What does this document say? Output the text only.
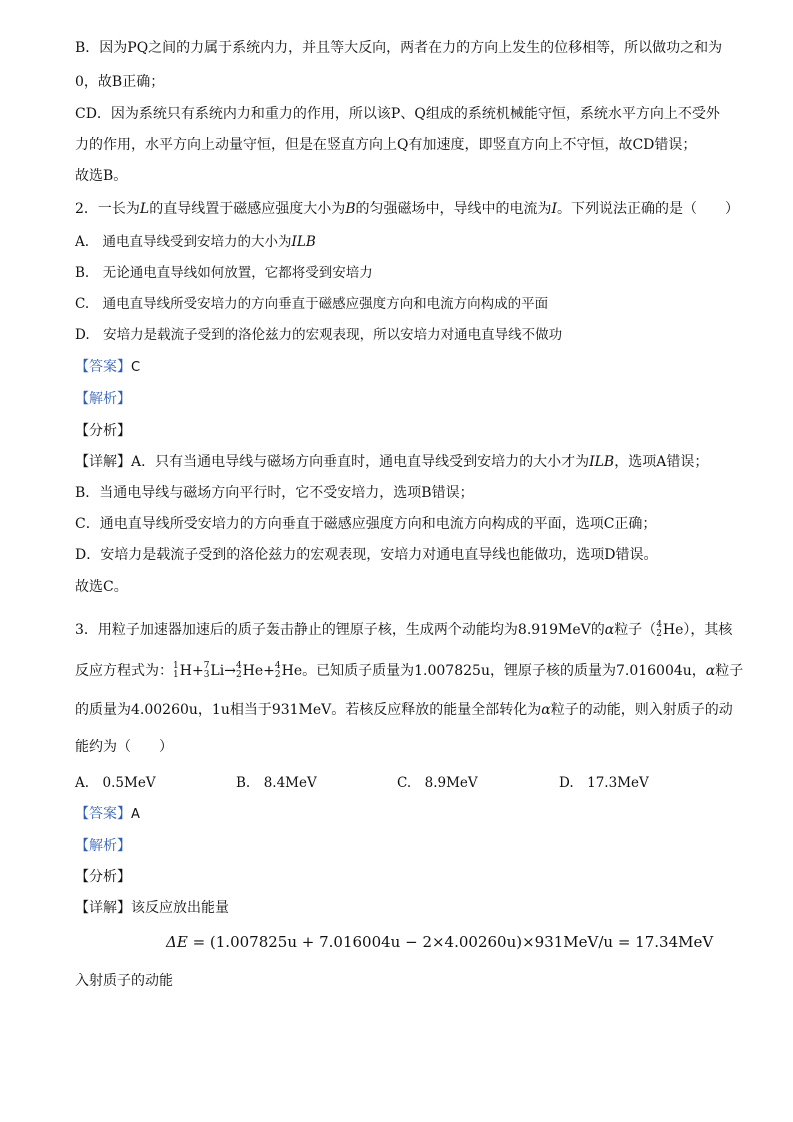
B．因为PQ之间的力属于系统内力，并且等大反向，两者在力的方向上发生的位移相等，所以做功之和为
0，故B正确；
CD．因为系统只有系统内力和重力的作用，所以该P、Q组成的系统机械能守恒，系统水平方向上不受外
力的作用，水平方向上动量守恒，但是在竖直方向上Q有加速度，即竖直方向上不守恒，故CD错误；
故选B。
2．一长为L的直导线置于磁感应强度大小为B的匀强磁场中，导线中的电流为I。下列说法正确的是（　　）
A.　通电直导线受到安培力的大小为ILB
B.　无论通电直导线如何放置，它都将受到安培力
C.　通电直导线所受安培力的方向垂直于磁感应强度方向和电流方向构成的平面
D.　安培力是载流子受到的洛伦兹力的宏观表现，所以安培力对通电直导线不做功
【答案】C
【解析】
【分析】
【详解】A．只有当通电导线与磁场方向垂直时，通电直导线受到安培力的大小才为ILB，选项A错误；
B．当通电导线与磁场方向平行时，它不受安培力，选项B错误；
C．通电直导线所受安培力的方向垂直于磁感应强度方向和电流方向构成的平面，选项C正确；
D．安培力是载流子受到的洛伦兹力的宏观表现，安培力对通电直导线也能做功，选项D错误。
故选C。
3．用粒子加速器加速后的质子轰击静止的锂原子核，生成两个动能均为8.919MeV的α粒子（ 4
2 He），其核
反应方程式为： 1
1 H+ 7
3 Li→ 4
2 He+ 4
2 He。已知质子质量为1.007825u，锂原子核的质量为7.016004u，α粒子
的质量为4.00260u，1u相当于931MeV。若核反应释放的能量全部转化为α粒子的动能，则入射质子的动
能约为（　　）
A.　0.5MeV	B.　8.4MeV	C.　8.9MeV	D.　17.3MeV
【答案】A
【解析】
【分析】
【详解】该反应放出能量
ΔE = (1.007825u + 7.016004u − 2×4.00260u)×931MeV/u = 17.34MeV
入射质子的动能
